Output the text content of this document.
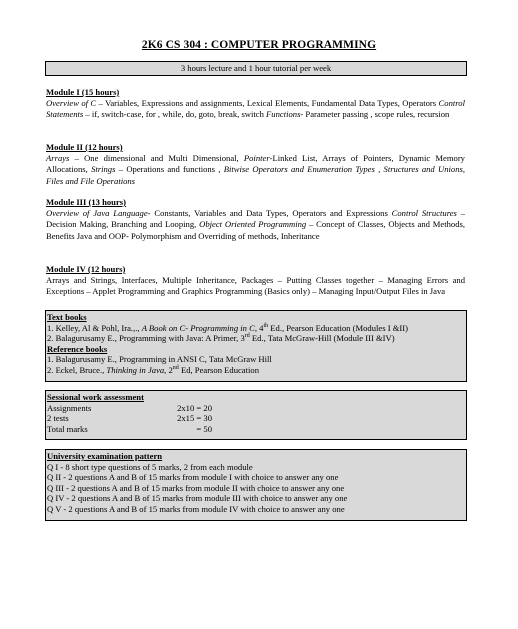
2K6 CS 304 : COMPUTER PROGRAMMING
3 hours lecture and 1 hour tutorial per week
Module I (15 hours)
Overview of C – Variables, Expressions and assignments, Lexical Elements, Fundamental Data Types, Operators Control Statements – if, switch-case, for , while, do, goto, break, switch Functions- Parameter passing , scope rules, recursion
Module II (12 hours)
Arrays – One dimensional and Multi Dimensional, Pointer-Linked List, Arrays of Pointers, Dynamic Memory Allocations, Strings – Operations and functions , Bitwise Operators and Enumeration Types , Structures and Unions, Files and File Operations
Module III (13 hours)
Overview of Java Language- Constants, Variables and Data Types, Operators and Expressions Control Structures – Decision Making, Branching and Looping, Object Oriented Programming – Concept of Classes, Objects and Methods, Benefits Java and OOP- Polymorphism and Overriding of methods, Inheritance
Module IV (12 hours)
Arrays and Strings, Interfaces, Multiple Inheritance, Packages – Putting Classes together – Managing Errors and Exceptions – Applet Programming and Graphics Programming (Basics only) – Managing Input/Output Files in Java
Text books
1. Kelley, Al & Pohl, Ira.,., A Book on C- Programming in C, 4th Ed., Pearson Education (Modules I &II)
2. Balagurusamy E., Programming with Java: A Primer, 3rd Ed., Tata McGraw-Hill (Module III &IV)
Reference books
1. Balagurusamy E., Programming in ANSI C, Tata McGraw Hill
2. Eckel, Bruce., Thinking in Java, 2nd Ed, Pearson Education
Sessional work assessment
Assignments	2x10 = 20
2 tests	2x15 = 30
Total marks	= 50
University examination pattern
Q I - 8 short type questions of 5 marks, 2 from each module
Q II - 2 questions A and B of 15 marks from module I with choice to answer any one
Q III - 2 questions A and B of 15 marks from module II with choice to answer any one
Q IV - 2 questions A and B of 15 marks from module III with choice to answer any one
Q V - 2 questions A and B of 15 marks from module IV with choice to answer any one
